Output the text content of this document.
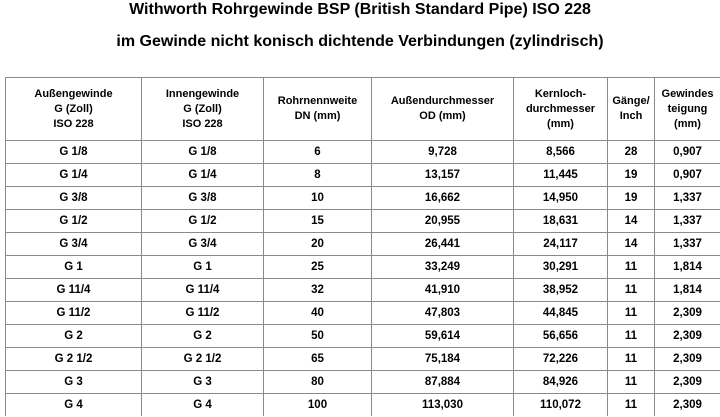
Withworth Rohrgewinde BSP (British Standard Pipe) ISO 228
im Gewinde nicht konisch dichtende Verbindungen (zylindrisch)
Außengewinde
G (Zoll)
ISO 228	Innengewinde
G (Zoll)
ISO 228	Rohrnennweite
DN (mm)	Außendurchmesser
OD (mm)	Kernloch-
durchmesser
(mm)	Gänge/
Inch	Gewindes
teigung
(mm)

G 1/8	G 1/8	6	9,728	8,566	28	0,907
G 1/4	G 1/4	8	13,157	11,445	19	0,907
G 3/8	G 3/8	10	16,662	14,950	19	1,337
G 1/2	G 1/2	15	20,955	18,631	14	1,337
G 3/4	G 3/4	20	26,441	24,117	14	1,337
G 1	G 1	25	33,249	30,291	11	1,814
G 11/4	G 11/4	32	41,910	38,952	11	1,814
G 11/2	G 11/2	40	47,803	44,845	11	2,309
G 2	G 2	50	59,614	56,656	11	2,309
G 2 1/2	G 2 1/2	65	75,184	72,226	11	2,309
G 3	G 3	80	87,884	84,926	11	2,309
G 4	G 4	100	113,030	110,072	11	2,309
